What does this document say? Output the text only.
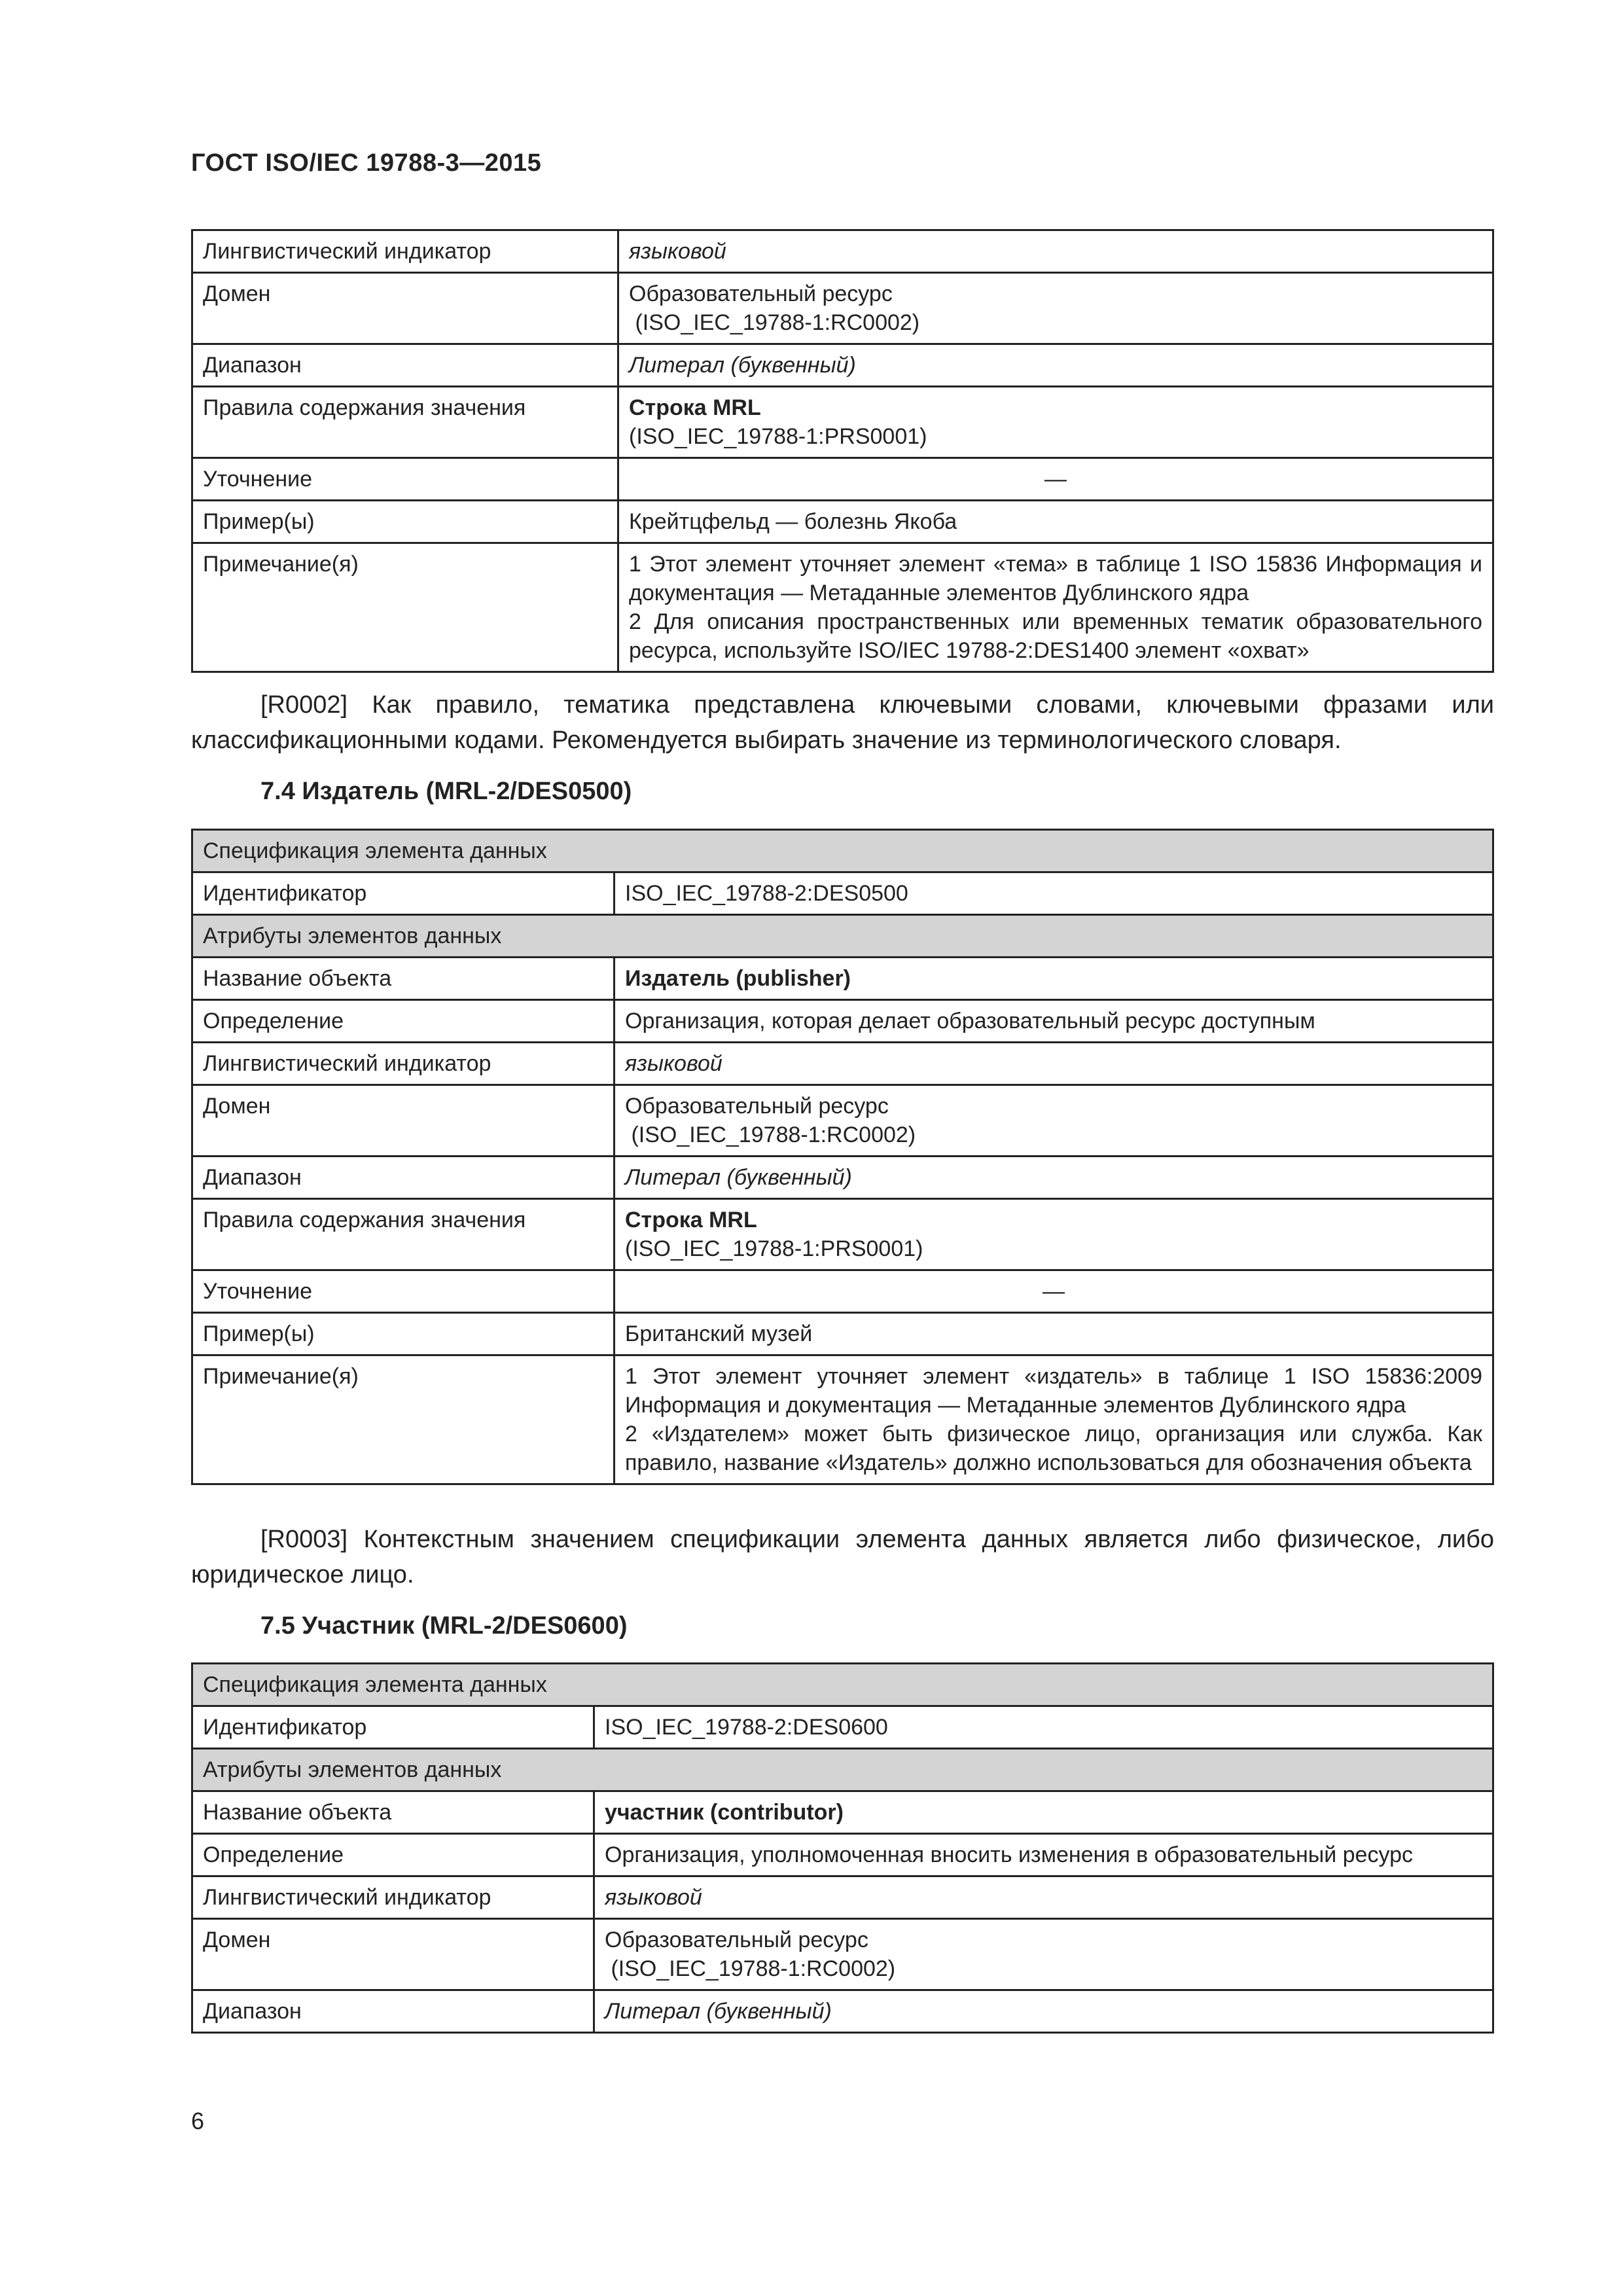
ГОСТ ISO/IEC 19788-3—2015
Лингвистический индикатор	языковой
Домен	Образовательный ресурс
(ISO_IEC_19788-1:RC0002)

Диапазон	Литерал (буквенный)
Правила содержания значения	Строка MRL
(ISO_IEC_19788-1:PRS0001)

Уточнение	—
Пример(ы)	Крейтцфельд — болезнь Якоба
Примечание(я)	1 Этот элемент уточняет элемент «тема» в таблице 1 ISO 15836 Информация и документация — Метаданные элементов Дублинского ядра
2 Для описания пространственных или временных тематик образовательного ресурса, используйте ISO/IEC 19788-2:DES1400 элемент «охват»
[R0002] Как правило, тематика представлена ключевыми словами, ключевыми фразами или классификационными кодами. Рекомендуется выбирать значение из терминологического словаря.
7.4 Издатель (MRL-2/DES0500)
Спецификация элемента данных	
Идентификатор	ISO_IEC_19788-2:DES0500
Атрибуты элементов данных	
Название объекта	Издатель (publisher)
Определение	Организация, которая делает образовательный ресурс доступным
Лингвистический индикатор	языковой
Домен	Образовательный ресурс
(ISO_IEC_19788-1:RC0002)

Диапазон	Литерал (буквенный)
Правила содержания значения	Строка MRL
(ISO_IEC_19788-1:PRS0001)

Уточнение	—
Пример(ы)	Британский музей
Примечание(я)	1 Этот элемент уточняет элемент «издатель» в таблице 1 ISO 15836:2009 Информация и документация — Метаданные элементов Дублинского ядра
2 «Издателем» может быть физическое лицо, организация или служба. Как правило, название «Издатель» должно использоваться для обозначения объекта
[R0003] Контекстным значением спецификации элемента данных является либо физическое, либо юридическое лицо.
7.5 Участник (MRL-2/DES0600)
Спецификация элемента данных	
Идентификатор	ISO_IEC_19788-2:DES0600
Атрибуты элементов данных	
Название объекта	участник (contributor)
Определение	Организация, уполномоченная вносить изменения в образовательный ресурс
Лингвистический индикатор	языковой
Домен	Образовательный ресурс
(ISO_IEC_19788-1:RC0002)

Диапазон	Литерал (буквенный)
6
